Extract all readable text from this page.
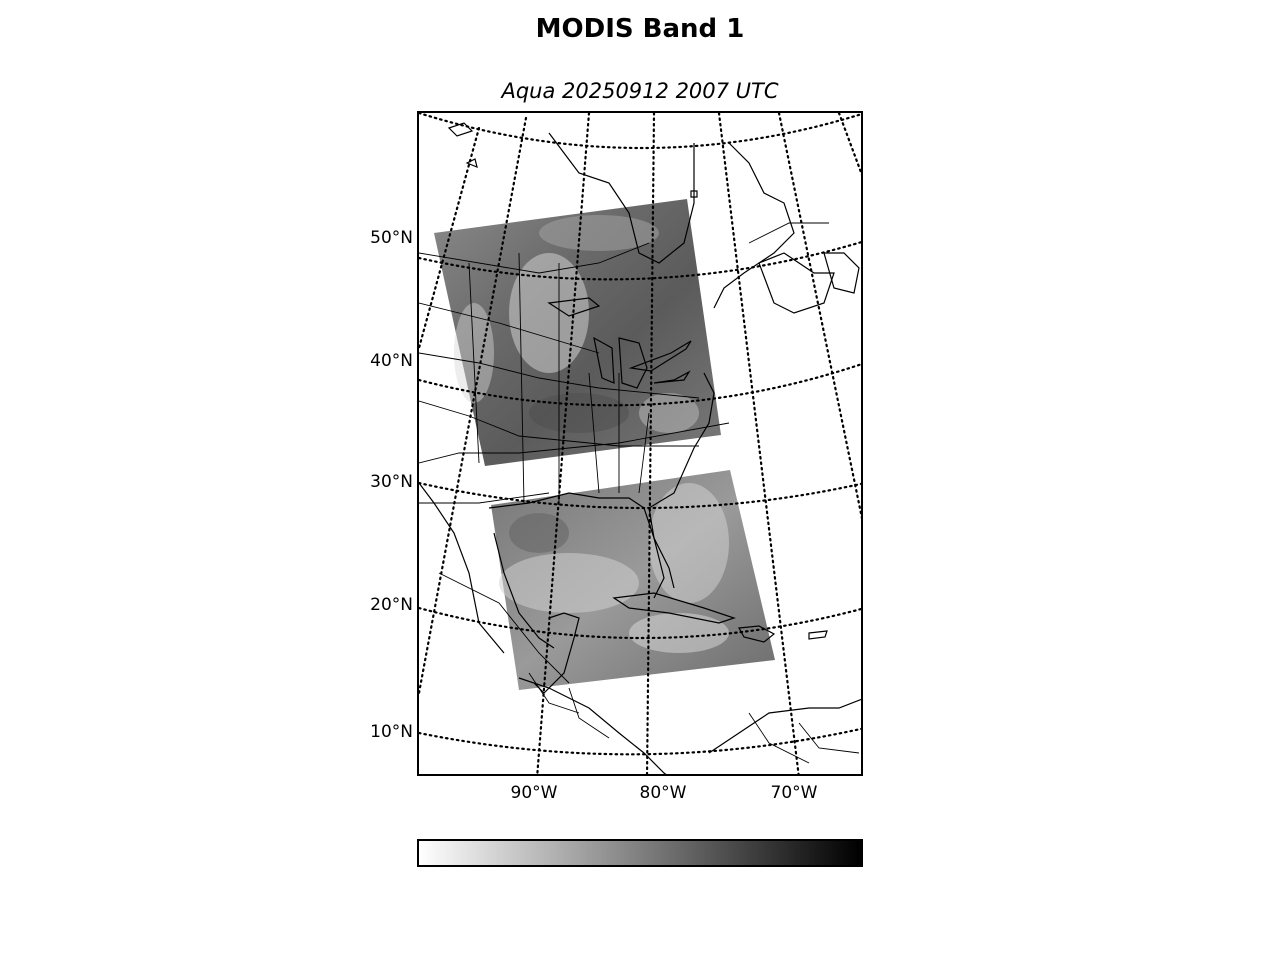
MODIS Band 1
Aqua 20250912 2007 UTC
50°N
40°N
30°N
20°N
10°N
90°W	80°W	70°W
